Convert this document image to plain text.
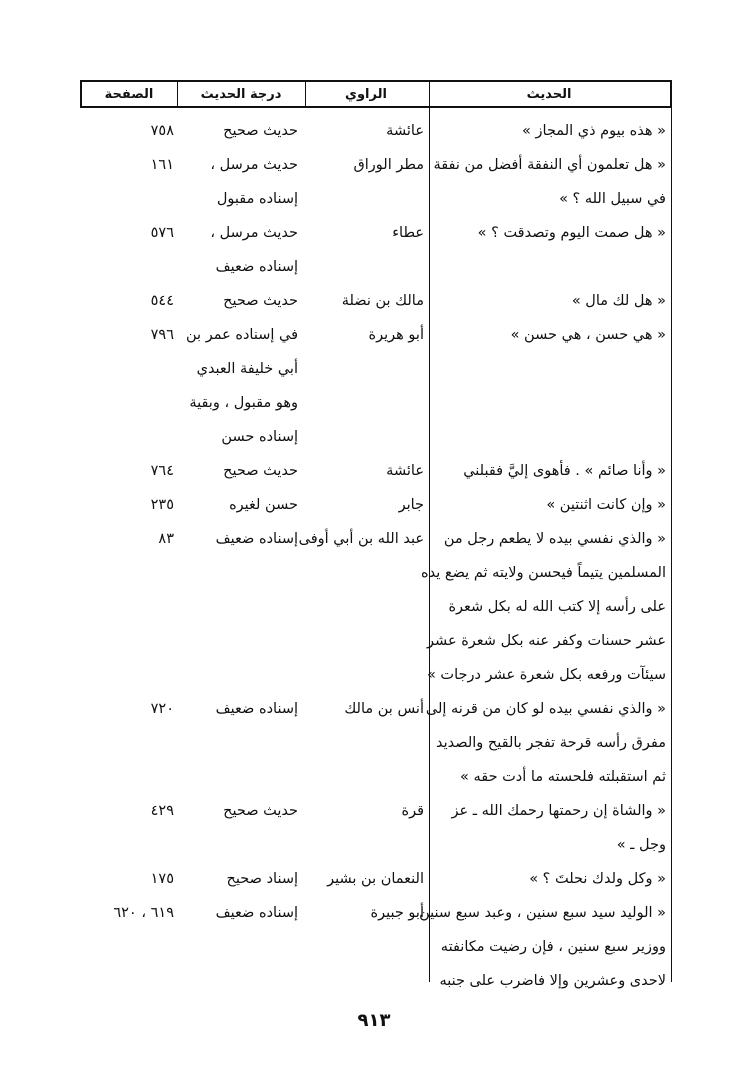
الحديث
الراوي
درجة الحديث
الصفحة
« هذه بيوم ذي المجاز »
عائشة
حديث صحيح
٧٥٨
« هل تعلمون أي النفقة أفضل من نفقة
في سبيل الله ؟ »
مطر الوراق
حديث مرسل ،
إسناده مقبول
١٦١
« هل صمت اليوم وتصدقت ؟ »
عطاء
حديث مرسل ،
إسناده ضعيف
٥٧٦
« هل لك مال »
مالك بن نضلة
حديث صحيح
٥٤٤
« هي حسن ، هي حسن »
أبو هريرة
في إسناده عمر بن
أبي خليفة العبدي
وهو مقبول ، وبقية
إسناده حسن
٧٩٦
« وأنا صائم » . فأهوى إليَّ فقبلني
عائشة
حديث صحيح
٧٦٤
« وإن كانت اثنتين »
جابر
حسن لغيره
٢٣٥
« والذي نفسي بيده لا يطعم رجل من
المسلمين يتيماً فيحسن ولايته ثم يضع يده
على رأسه إلا كتب الله له بكل شعرة
عشر حسنات وكفر عنه بكل شعرة عشر
سيئآت ورفعه بكل شعرة عشر درجات »
عبد الله بن أبي أوفى
إسناده ضعيف
٨٣
« والذي نفسي بيده لو كان من قرنه إلى
مفرق رأسه قرحة تفجر بالقيح والصديد
ثم استقبلته فلحسته ما أدت حقه »
أنس بن مالك
إسناده ضعيف
٧٢٠
« والشاة إن رحمتها رحمك الله ـ عز
وجل ـ »
قرة
حديث صحيح
٤٢٩
« وكل ولدك نحلتَ ؟ »
النعمان بن بشير
إسناد صحيح
١٧٥
« الوليد سيد سبع سنين ، وعبد سبع سنين
ووزير سبع سنين ، فإن رضيت مكانفته
لاحدى وعشرين وإلا فاضرب على جنبه
أبو جبيرة
إسناده ضعيف
٦١٩ ، ٦٢٠
٩١٣
